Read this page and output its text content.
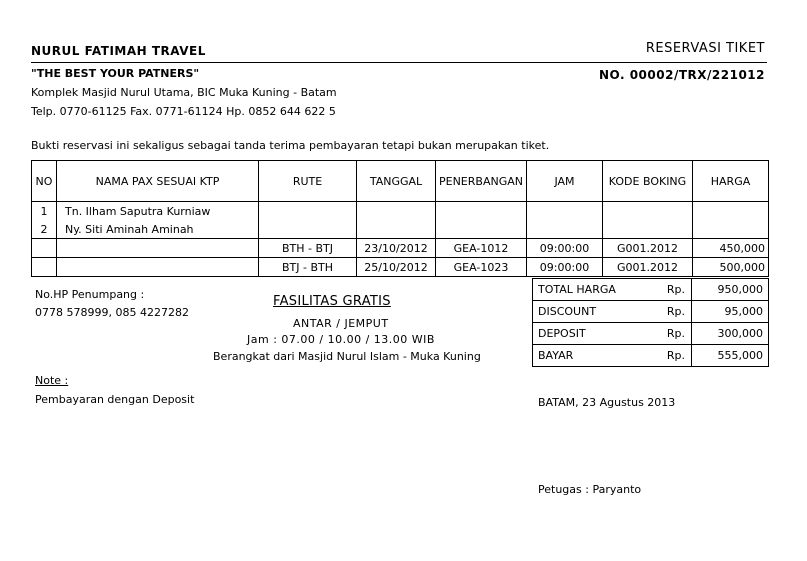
NURUL FATIMAH TRAVEL	RESERVASI TIKET
"THE BEST YOUR PATNERS"	NO. 00002/TRX/221012
Komplek Masjid Nurul Utama, BIC Muka Kuning - Batam
Telp. 0770-61125 Fax. 0771-61124 Hp. 0852 644 622 5
Bukti reservasi ini sekaligus sebagai tanda terima pembayaran tetapi bukan merupakan tiket.
NO	NAMA PAX SESUAI KTP	RUTE	TANGGAL	PENERBANGAN	JAM	KODE BOKING	HARGA
1	Tn. Ilham Saputra Kurniaw						
2	Ny. Siti Aminah Aminah						
		BTH - BTJ	23/10/2012	GEA-1012	09:00:00	G001.2012	450,000
		BTJ - BTH	25/10/2012	GEA-1023	09:00:00	G001.2012	500,000
TOTAL HARGA	Rp.	950,000
DISCOUNT	Rp.	95,000
DEPOSIT	Rp.	300,000
BAYAR	Rp.	555,000
No.HP Penumpang :
0778 578999, 085 4227282
FASILITAS GRATIS
ANTAR / JEMPUT
Jam : 07.00 / 10.00 / 13.00 WIB
Berangkat dari Masjid Nurul Islam - Muka Kuning
Note :
Pembayaran dengan Deposit	BATAM, 23 Agustus 2013
Petugas : Paryanto
